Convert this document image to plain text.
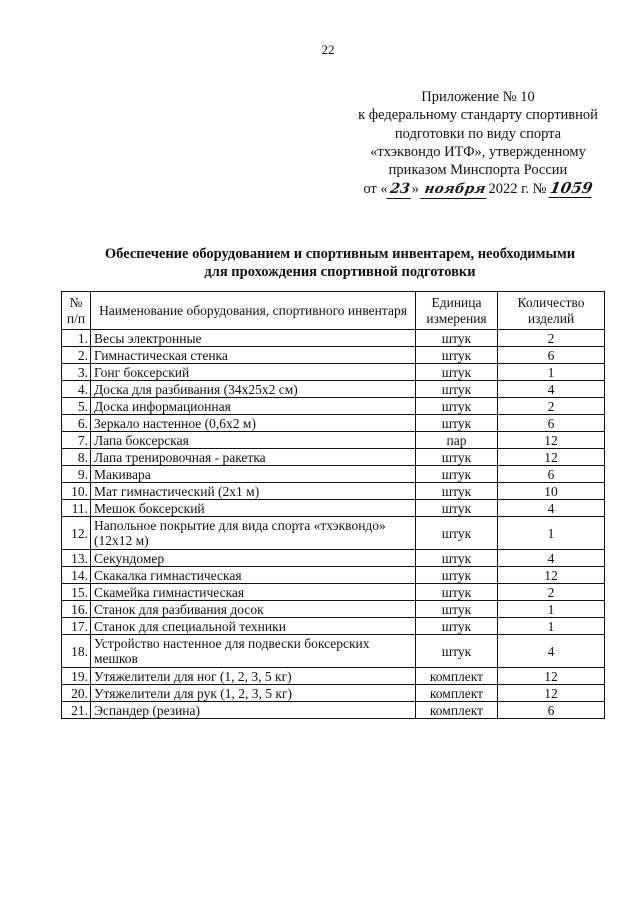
22
Приложение № 10
к федеральному стандарту спортивной
подготовки по виду спорта
«тхэквондо ИТФ», утвержденному
приказом Минспорта России
от «23» ноября2022 г. № 1059
Обеспечение оборудованием и спортивным инвентарем, необходимыми
для прохождения спортивной подготовки
№ п/п	Наименование оборудования, спортивного инвентаря	Единица измерения	Количество изделий
1.	Весы электронные	штук	2
2.	Гимнастическая стенка	штук	6
3.	Гонг боксерский	штук	1
4.	Доска для разбивания (34х25х2 см)	штук	4
5.	Доска информационная	штук	2
6.	Зеркало настенное (0,6х2 м)	штук	6
7.	Лапа боксерская	пар	12
8.	Лапа тренировочная - ракетка	штук	12
9.	Макивара	штук	6
10.	Мат гимнастический (2х1 м)	штук	10
11.	Мешок боксерский	штук	4
12.	Напольное покрытие для вида спорта «тхэквондо» (12х12 м)	штук	1
13.	Секундомер	штук	4
14.	Скакалка гимнастическая	штук	12
15.	Скамейка гимнастическая	штук	2
16.	Станок для разбивания досок	штук	1
17.	Станок для специальной техники	штук	1
18.	Устройство настенное для подвески боксерских мешков	штук	4
19.	Утяжелители для ног (1, 2, 3, 5 кг)	комплект	12
20.	Утяжелители для рук (1, 2, 3, 5 кг)	комплект	12
21.	Эспандер (резина)	комплект	6
